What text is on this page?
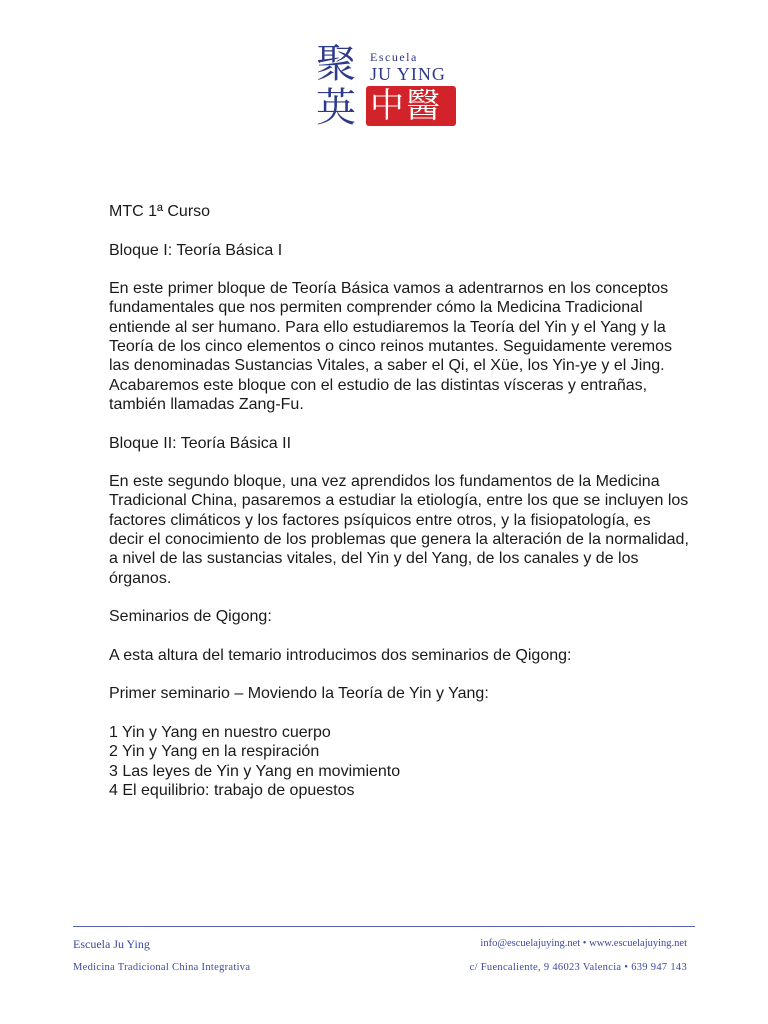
聚
英
Escuela
JU YING
中醫

MTC 1ª Curso

Bloque I: Teoría Básica I

En este primer bloque de Teoría Básica vamos a adentrarnos en los conceptos fundamentales que nos permiten comprender cómo la Medicina Tradicional entiende al ser humano. Para ello estudiaremos la Teoría del Yin y el Yang y la Teoría de los cinco elementos o cinco reinos mutantes. Seguidamente veremos las denominadas Sustancias Vitales, a saber el Qi, el Xüe, los Yin-ye y el Jing. Acabaremos este bloque con el estudio de las distintas vísceras y entrañas, también llamadas Zang-Fu.

Bloque II: Teoría Básica II

En este segundo bloque, una vez aprendidos los fundamentos de la Medicina Tradicional China, pasaremos a estudiar la etiología, entre los que se incluyen los factores climáticos y los factores psíquicos entre otros, y la fisiopatología, es decir el conocimiento de los problemas que genera la alteración de la normalidad, a nivel de las sustancias vitales, del Yin y del Yang, de los canales y de los órganos.

Seminarios de Qigong:

A esta altura del temario introducimos dos seminarios de Qigong:

Primer seminario – Moviendo la Teoría de Yin y Yang:

1 Yin y Yang en nuestro cuerpo

2 Yin y Yang en la respiración

3 Las leyes de Yin y Yang en movimiento

4 El equilibrio: trabajo de opuestos

Escuela Ju Ying
Medicina Tradicional China Integrativa
info@escuelajuying.net • www.escuelajuying.net
c/ Fuencaliente, 9 46023 Valencia • 639 947 143
